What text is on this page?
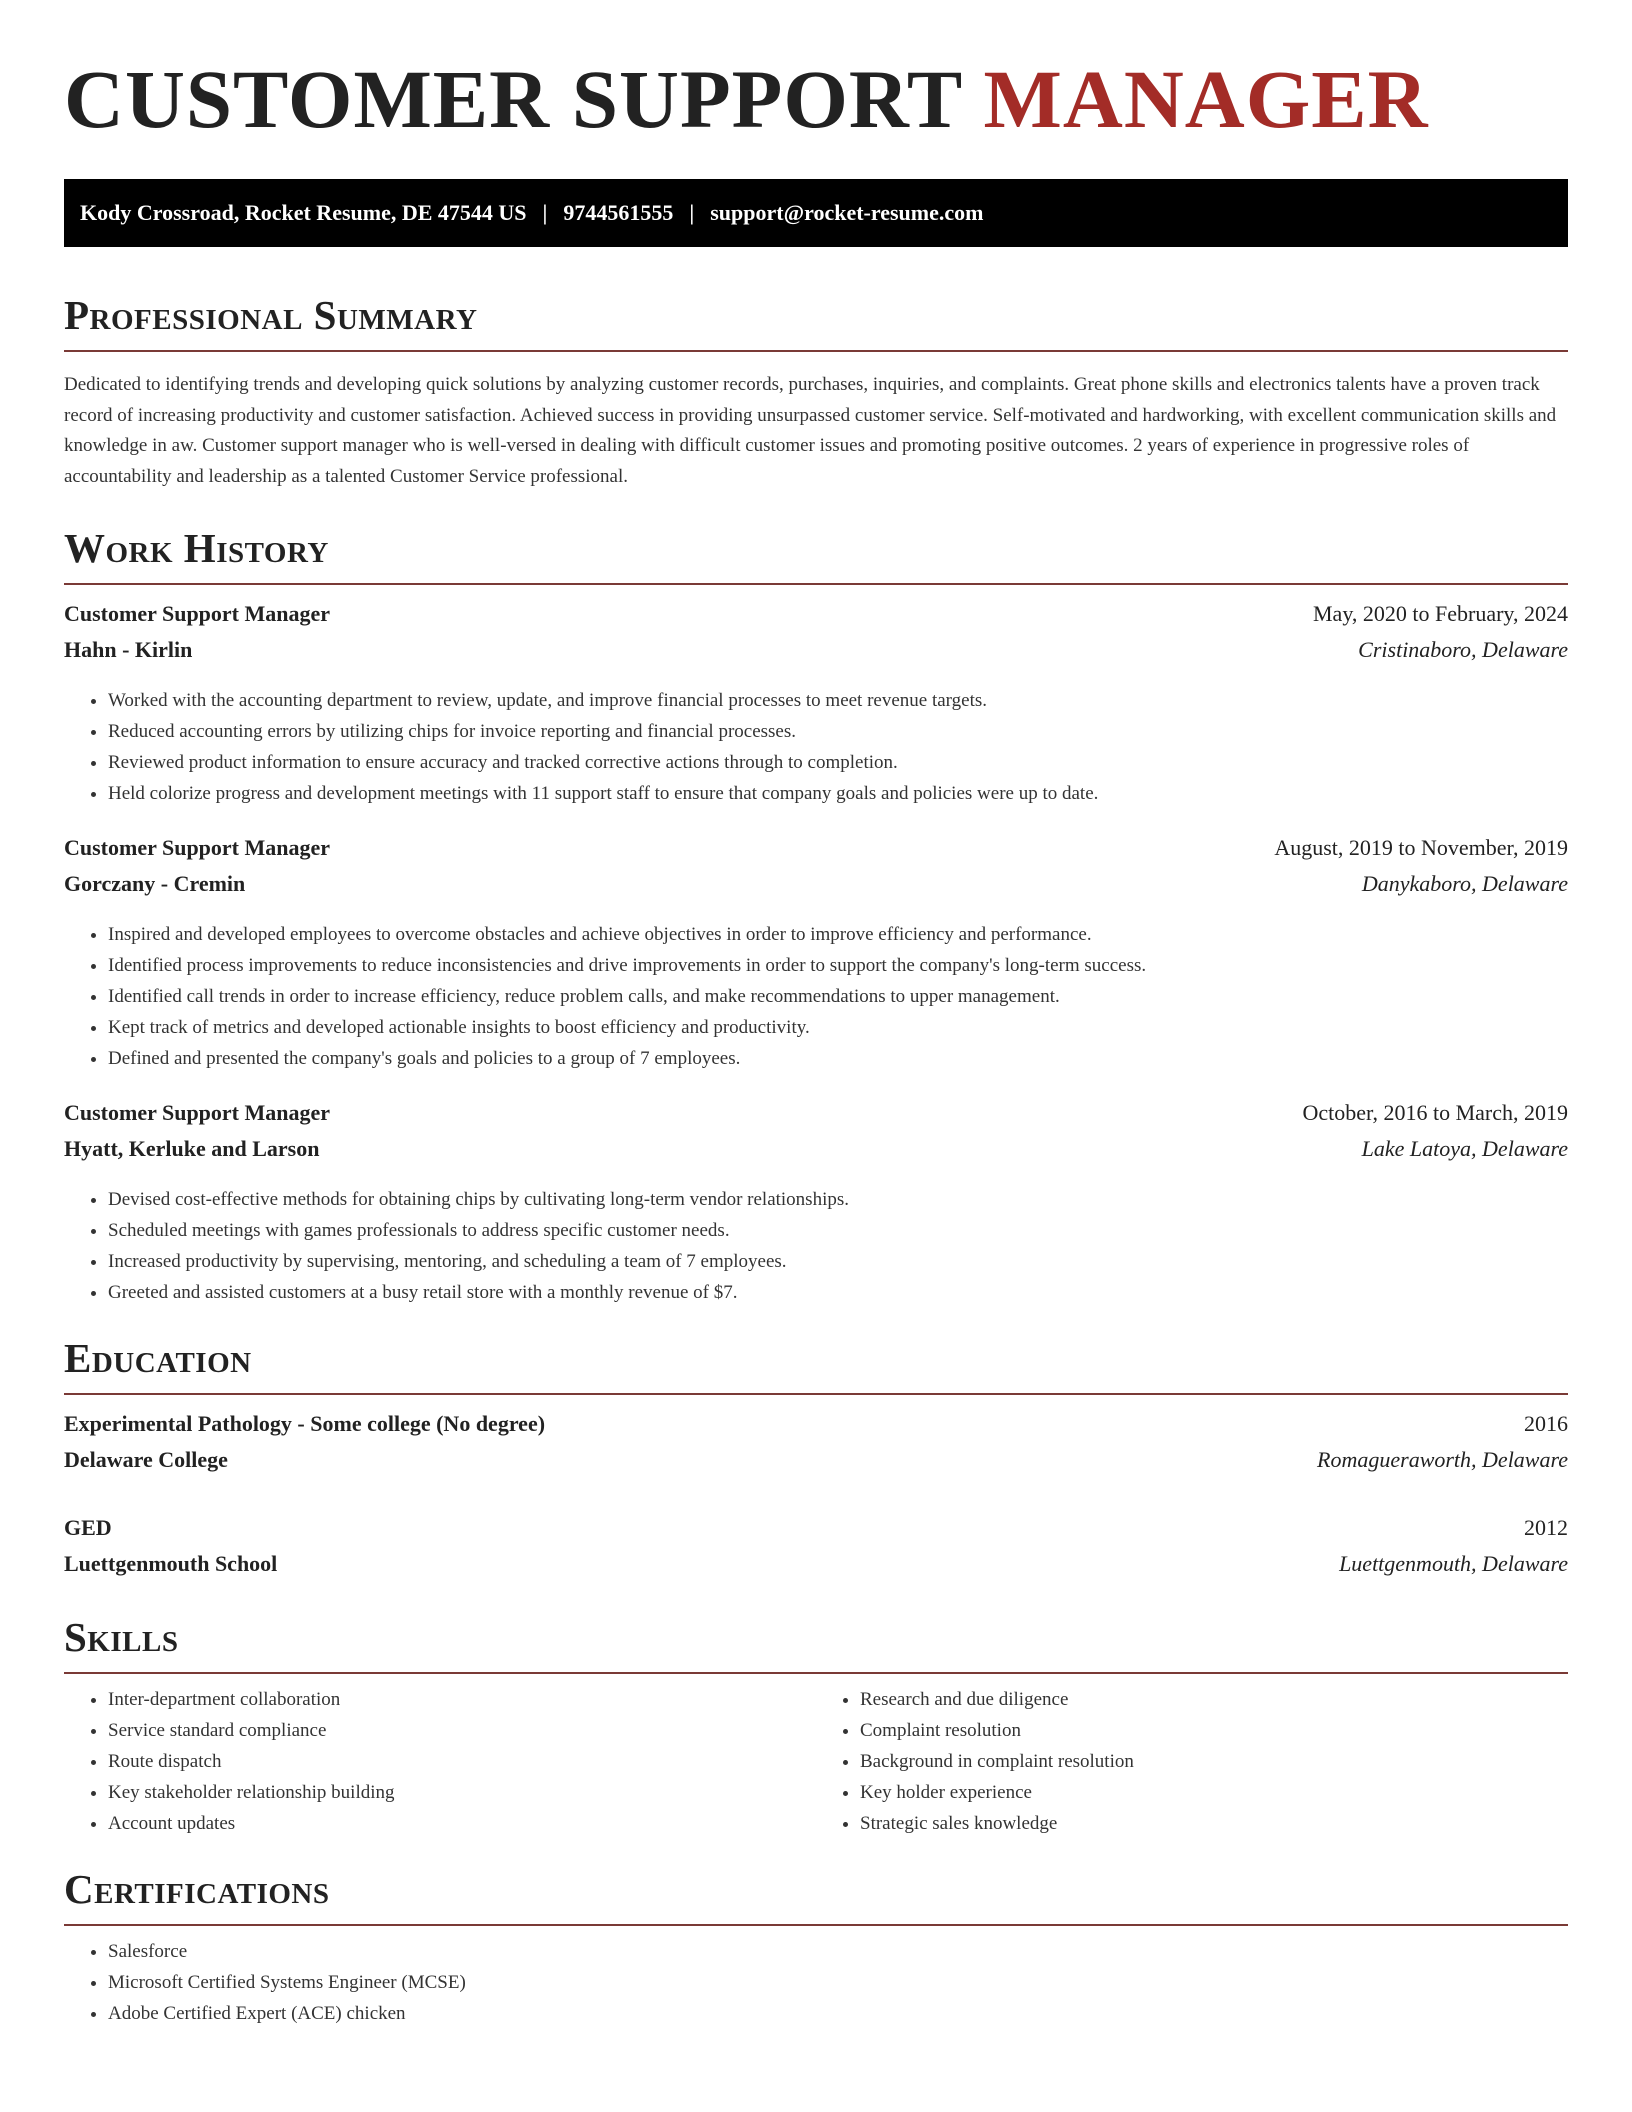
CUSTOMER SUPPORT MANAGER
Kody Crossroad, Rocket Resume, DE 47544 US | 9744561555 | support@rocket-resume.com
Professional Summary

Dedicated to identifying trends and developing quick solutions by analyzing customer records, purchases, inquiries, and complaints. Great phone skills and electronics talents have a proven track record of increasing productivity and customer satisfaction. Achieved success in providing unsurpassed customer service. Self-motivated and hardworking, with excellent communication skills and knowledge in aw. Customer support manager who is well-versed in dealing with difficult customer issues and promoting positive outcomes. 2 years of experience in progressive roles of accountability and leadership as a talented Customer Service professional.

Work History
Customer Support Manager	May, 2020 to February, 2024
Hahn - Kirlin	Cristinaboro, Delaware
• Worked with the accounting department to review, update, and improve financial processes to meet revenue targets.
• Reduced accounting errors by utilizing chips for invoice reporting and financial processes.
• Reviewed product information to ensure accuracy and tracked corrective actions through to completion.
• Held colorize progress and development meetings with 11 support staff to ensure that company goals and policies were up to date.
Customer Support Manager	August, 2019 to November, 2019
Gorczany - Cremin	Danykaboro, Delaware
• Inspired and developed employees to overcome obstacles and achieve objectives in order to improve efficiency and performance.
• Identified process improvements to reduce inconsistencies and drive improvements in order to support the company's long-term success.
• Identified call trends in order to increase efficiency, reduce problem calls, and make recommendations to upper management.
• Kept track of metrics and developed actionable insights to boost efficiency and productivity.
• Defined and presented the company's goals and policies to a group of 7 employees.
Customer Support Manager	October, 2016 to March, 2019
Hyatt, Kerluke and Larson	Lake Latoya, Delaware
• Devised cost-effective methods for obtaining chips by cultivating long-term vendor relationships.
• Scheduled meetings with games professionals to address specific customer needs.
• Increased productivity by supervising, mentoring, and scheduling a team of 7 employees.
• Greeted and assisted customers at a busy retail store with a monthly revenue of $7.
Education
Experimental Pathology - Some college (No degree)	2016
Delaware College	Romagueraworth, Delaware
GED	2012
Luettgenmouth School	Luettgenmouth, Delaware
Skills
• Inter-department collaboration
• Service standard compliance
• Route dispatch
• Key stakeholder relationship building
• Account updates
• Research and due diligence
• Complaint resolution
• Background in complaint resolution
• Key holder experience
• Strategic sales knowledge
Certifications
• Salesforce
• Microsoft Certified Systems Engineer (MCSE)
• Adobe Certified Expert (ACE) chicken
